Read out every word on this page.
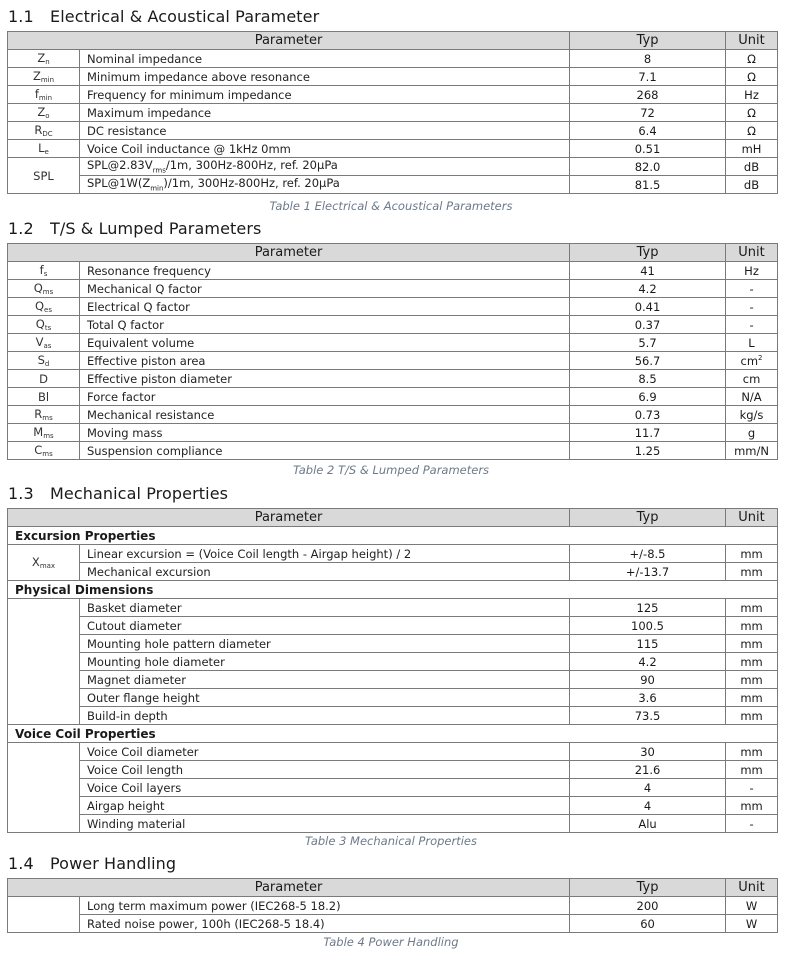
1.1 Electrical & Acoustical Parameter
Parameter		Typ	Unit
$Z_n$	Nominal impedance	8	Ω
$Z_{min}$	Minimum impedance above resonance	7.1	Ω
$f_{min}$	Frequency for minimum impedance	268	Hz
$Z_o$	Maximum impedance	72	Ω
$R_{DC}$	DC resistance	6.4	Ω
$L_e$	Voice Coil inductance @ 1kHz 0mm	0.51	mH
SPL	$SPL@2.83V_{rms}/1m$, 300Hz-800Hz, ref. 20μPa	82.0	dB
	$SPL@1W(Z_{min})/1m$, 300Hz-800Hz, ref. 20μPa	81.5	dB
Table 1 Electrical & Acoustical Parameters
1.2 T/S & Lumped Parameters
Parameter		Typ	Unit
$f_s$	Resonance frequency	41	Hz
$Q_{ms}$	Mechanical Q factor	4.2	-
$Q_{es}$	Electrical Q factor	0.41	-
$Q_{ts}$	Total Q factor	0.37	-
$V_{as}$	Equivalent volume	5.7	L
$S_d$	Effective piston area	56.7	$cm^2$
D	Effective piston diameter	8.5	cm
Bl	Force factor	6.9	N/A
$R_{ms}$	Mechanical resistance	0.73	kg/s
$M_{ms}$	Moving mass	11.7	g
$C_{ms}$	Suspension compliance	1.25	mm/N
Table 2 T/S & Lumped Parameters
1.3 Mechanical Properties
Parameter		Typ	Unit
Excursion Properties			
$X_{max}$	Linear excursion = (Voice Coil length - Airgap height) / 2	+/-8.5	mm
	Mechanical excursion	+/-13.7	mm
Physical Dimensions			
	Basket diameter	125	mm
	Cutout diameter	100.5	mm
	Mounting hole pattern diameter	115	mm
	Mounting hole diameter	4.2	mm
	Magnet diameter	90	mm
	Outer flange height	3.6	mm
	Build-in depth	73.5	mm
Voice Coil Properties			
	Voice Coil diameter	30	mm
	Voice Coil length	21.6	mm
	Voice Coil layers	4	-
	Airgap height	4	mm
	Winding material	Alu	-
Table 3 Mechanical Properties
1.4 Power Handling
Parameter		Typ	Unit
	Long term maximum power (IEC268-5 18.2)	200	W
	Rated noise power, 100h (IEC268-5 18.4)	60	W
Table 4 Power Handling
